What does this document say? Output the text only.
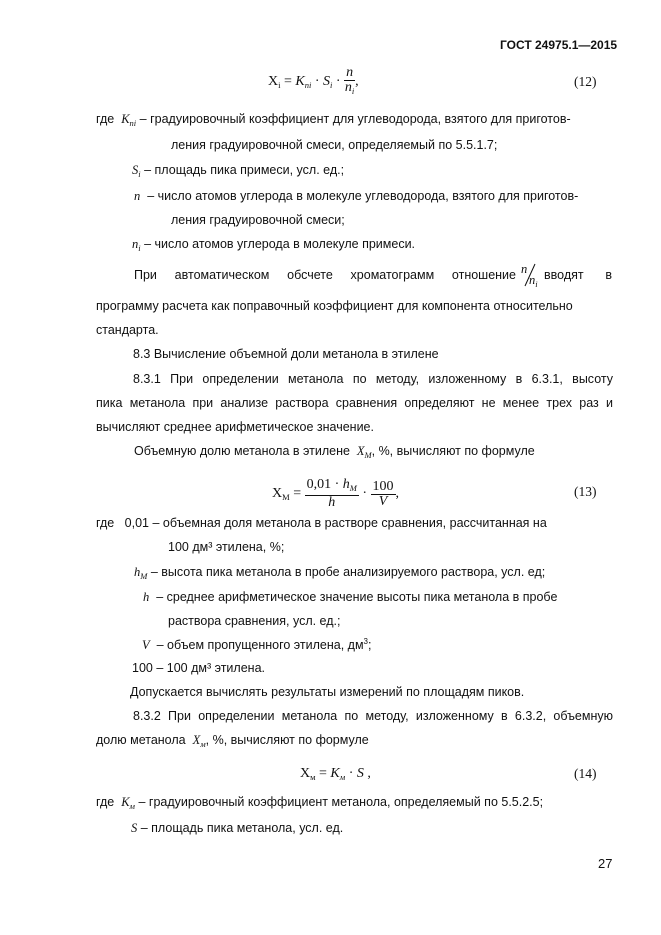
ГОСТ 24975.1—2015
$X_i = K_{ni} \cdot S_i \cdot \frac{n}{n_i}$ ,	(12)
где $K_{ni}$ – градуировочный коэффициент для углеводорода, взятого для приготов-
ления градуировочной смеси, определяемый по 5.5.1.7;
$S_i$ – площадь пика примеси, усл. ед.;
n – число атомов углерода в молекуле углеводорода, взятого для приготов-
ления градуировочной смеси;
$n_i$ – число атомов углерода в молекуле примеси.
При автоматическом обсчете хроматограмм отношение n
$n_i$
вводят в
программу расчета как поправочный коэффициент для компонента относительно
стандарта.
8.3 Вычисление объемной доли метанола в этилене
8.3.1 При определении метанола по методу, изложенному в 6.3.1, высоту
пика метанола при анализе раствора сравнения определяют не менее трех раз и
вычисляют среднее арифметическое значение.
Объемную долю метанола в этилене $X_M$, %, вычисляют по формуле
$X_M = \frac{0,01 \cdot h_M}{h} \cdot \frac{100}{V}$ ,	(13)
где 0,01 – объемная доля метанола в растворе сравнения, рассчитанная на
100 дм³ этилена, %;
$h_M$ – высота пика метанола в пробе анализируемого раствора, усл. ед;
h – среднее арифметическое значение высоты пика метанола в пробе
раствора сравнения, усл. ед.;
V – объем пропущенного этилена, $дм^3$;
100 – 100 дм³ этилена.
Допускается вычислять результаты измерений по площадям пиков.
8.3.2 При определении метанола по методу, изложенному в 6.3.2, объемную
долю метанола $X_м$, %, вычисляют по формуле
$X_м = K_м \cdot S$ ,	(14)
где $K_м$ – градуировочный коэффициент метанола, определяемый по 5.5.2.5;
S – площадь пика метанола, усл. ед.
27
